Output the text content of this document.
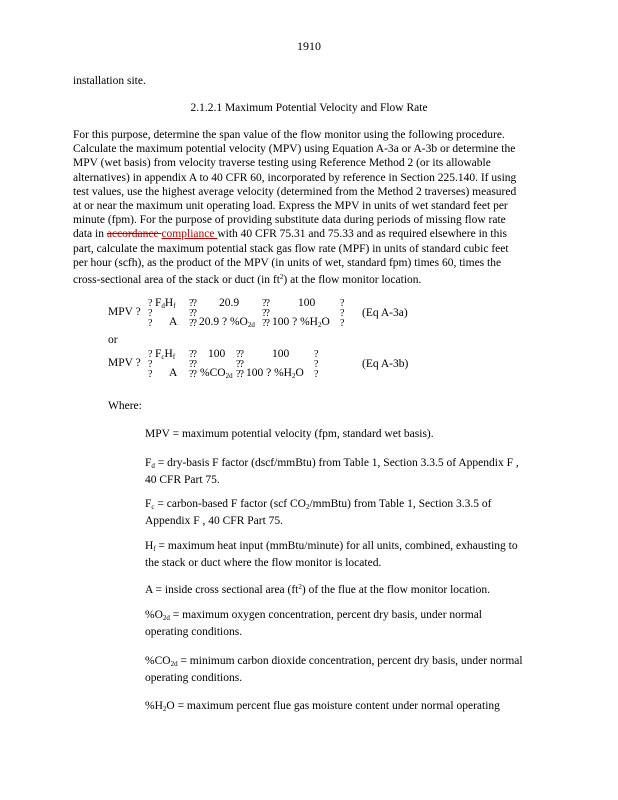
1910
installation site.
2.1.2.1 Maximum Potential Velocity and Flow Rate
For this purpose, determine the span value of the flow monitor using the following procedure.
Calculate the maximum potential velocity (MPV) using Equation A-3a or A-3b or determine the
MPV (wet basis) from velocity traverse testing using Reference Method 2 (or its allowable
alternatives) in appendix A to 40 CFR 60, incorporated by reference in Section 225.140. If using
test values, use the highest average velocity (determined from the Method 2 traverses) measured
at or near the maximum unit operating load. Express the MPV in units of wet standard feet per
minute (fpm). For the purpose of providing substitute data during periods of missing flow rate
data in accordance compliance with 40 CFR 75.31 and 75.33 and as required elsewhere in this
part, calculate the maximum potential stack gas flow rate (MPF) in units of standard cubic feet
per hour (scfh), as the product of the MPV (in units of wet, standard fpm) times 60, times the
cross-sectional area of the stack or duct (in $ft^2$) at the flow monitor location.
MPV ?
?
?
?
$F_dH_f$
A
??
??
??
20.9
20.9 ? $\%O_{2d}$
??
??
??
100
100 ? $\%H_2O$
?
?
?
(Eq A-3a)
or
MPV ?
?
?
?
$F_cH_f$
A
??
??
??
100
$\%CO_{2d}$
??
??
??
100
100 ? $\%H_2O$
?
?
?
(Eq A-3b)
Where:
MPV = maximum potential velocity (fpm, standard wet basis).
$F_d$ = dry-basis F factor (dscf/mmBtu) from Table 1, Section 3.3.5 of Appendix F ,
40 CFR Part 75.
$F_c$ = carbon-based F factor (scf $CO_2/mmBtu$) from Table 1, Section 3.3.5 of
Appendix F , 40 CFR Part 75.
$H_f$ = maximum heat input (mmBtu/minute) for all units, combined, exhausting to
the stack or duct where the flow monitor is located.
A = inside cross sectional area $(ft^2)$ of the flue at the flow monitor location.
$\%O_{2d}$ = maximum oxygen concentration, percent dry basis, under normal
operating conditions.
$\%CO_{2d}$ = minimum carbon dioxide concentration, percent dry basis, under normal
operating conditions.
$\%H_2O$ = maximum percent flue gas moisture content under normal operating
